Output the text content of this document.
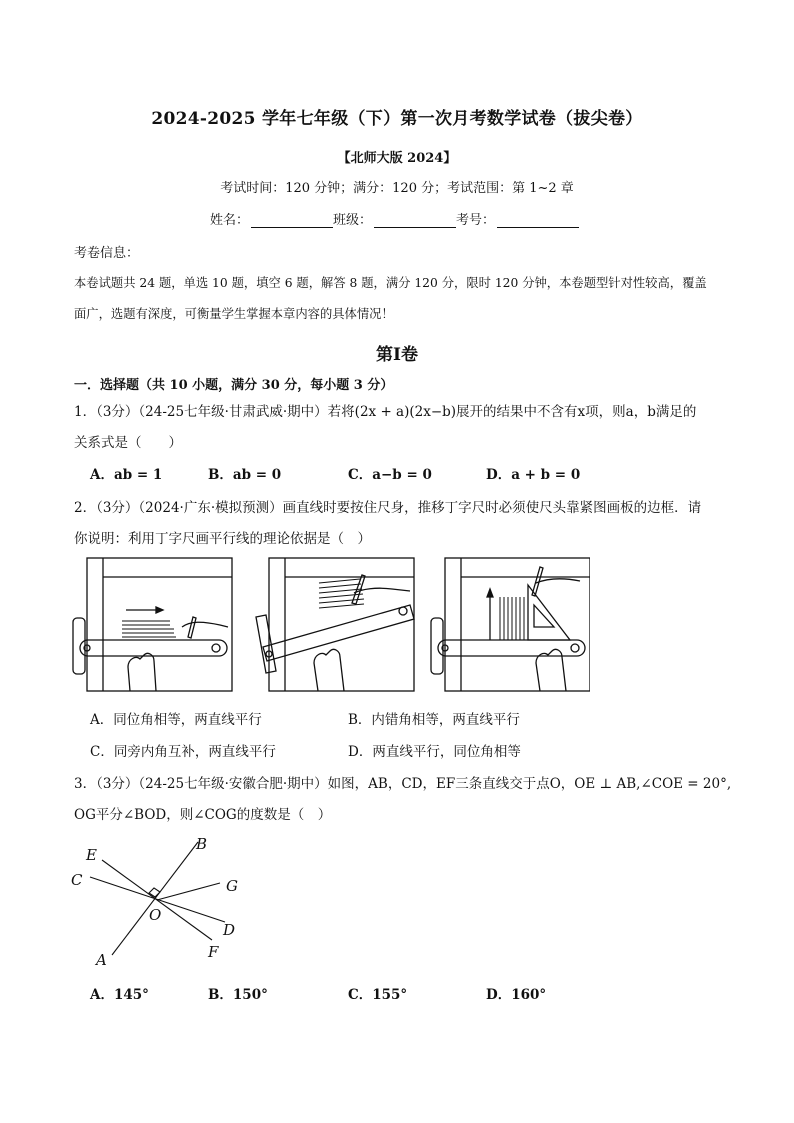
2024-2025 学年七年级（下）第一次月考数学试卷（拔尖卷）
【北师大版 2024】
考试时间：120 分钟；满分：120 分；考试范围：第 1~2 章
姓名：	班级：	考号：
考卷信息：
本卷试题共 24 题，单选 10 题，填空 6 题，解答 8 题，满分 120 分，限时 120 分钟，本卷题型针对性较高，覆盖
面广，选题有深度，可衡量学生掌握本章内容的具体情况！
第Ⅰ卷
一．选择题（共 10 小题，满分 30 分，每小题 3 分）
1．（3分）（24-25七年级·甘肃武威·期中）若将(2x + a)(2x−b)展开的结果中不含有x项，则a，b满足的
关系式是（　　）
A．ab = 1	B．ab = 0	C．a−b = 0	D．a + b = 0
2．（3分）（2024·广东·模拟预测）画直线时要按住尺身，推移丁字尺时必须使尺头靠紧图画板的边框．请
你说明：利用丁字尺画平行线的理论依据是（　）
A．同位角相等，两直线平行	B．内错角相等，两直线平行
C．同旁内角互补，两直线平行	D．两直线平行，同位角相等
3．（3分）（24-25七年级·安徽合肥·期中）如图，AB，CD，EF三条直线交于点O，OE ⊥ AB,∠COE = 20°,
OG平分∠BOD，则∠COG的度数是（　）
B
E
G
C
O
D
F
A
A．145°	B．150°	C．155°	D．160°
